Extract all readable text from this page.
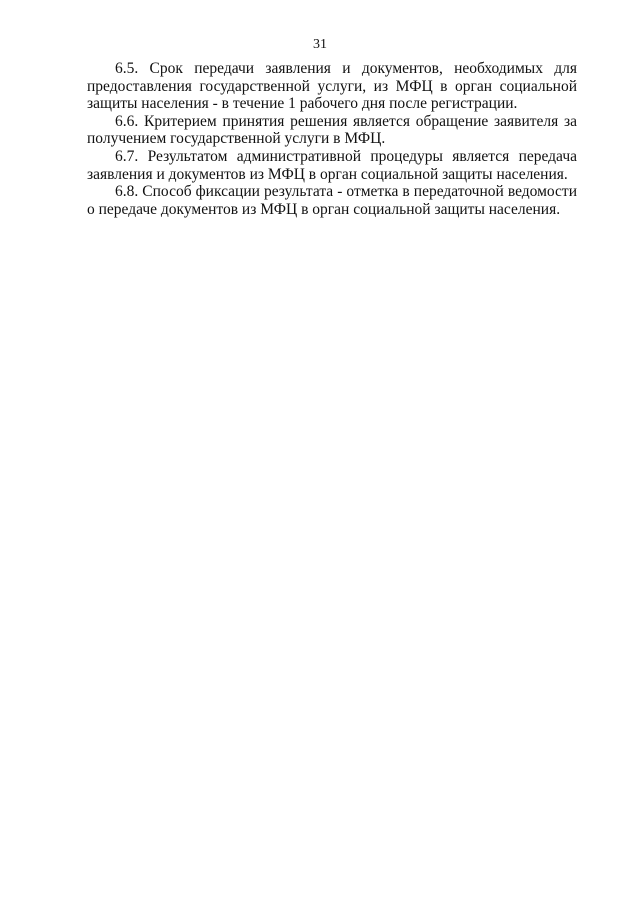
31

6.5. Срок передачи заявления и документов, необходимых для предоставления государственной услуги, из МФЦ в орган социальной защиты населения - в течение 1 рабочего дня после регистрации.

6.6. Критерием принятия решения является обращение заявителя за получением государственной услуги в МФЦ.

6.7. Результатом административной процедуры является передача заявления и документов из МФЦ в орган социальной защиты населения.

6.8. Способ фиксации результата - отметка в передаточной ведомости о передаче документов из МФЦ в орган социальной защиты населения.
